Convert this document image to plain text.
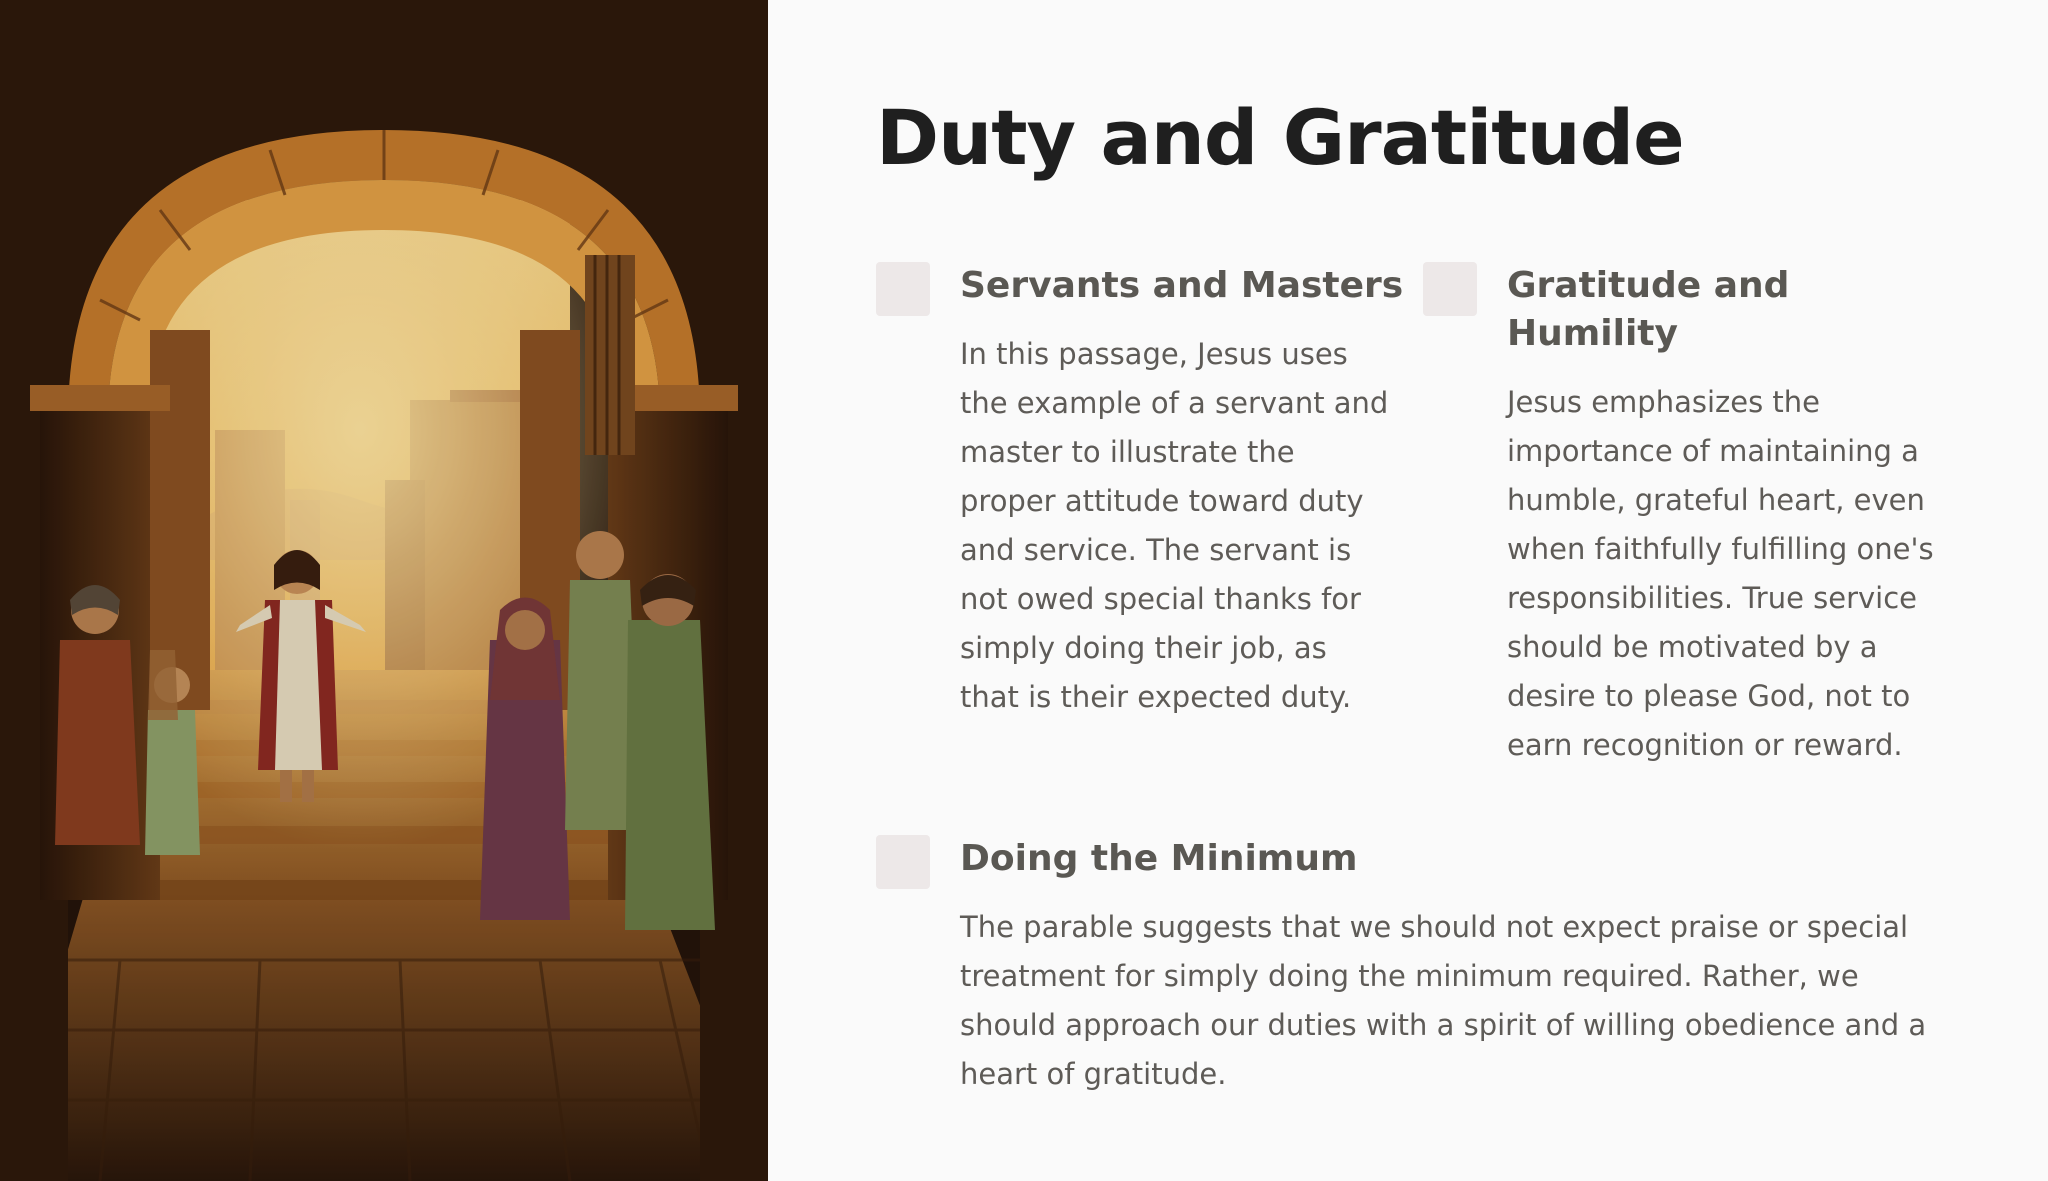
Duty and Gratitude
Servants and Masters

In this passage, Jesus uses the example of a servant and master to illustrate the proper attitude toward duty and service. The servant is not owed special thanks for simply doing their job, as that is their expected duty.

Gratitude and Humility

Jesus emphasizes the importance of maintaining a humble, grateful heart, even when faithfully fulfilling one's responsibilities. True service should be motivated by a desire to please God, not to earn recognition or reward.

Doing the Minimum

The parable suggests that we should not expect praise or special treatment for simply doing the minimum required. Rather, we should approach our duties with a spirit of willing obedience and a heart of gratitude.
